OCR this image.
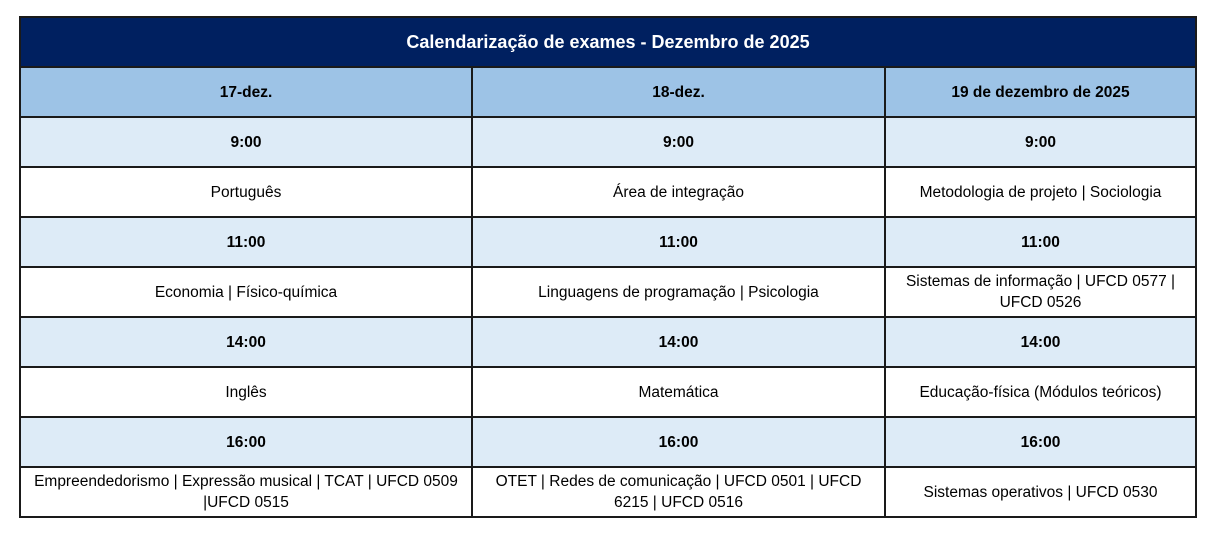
Calendarização de exames - Dezembro de 2025		
17-dez.	18-dez.	19 de dezembro de 2025
9:00	9:00	9:00
Português	Área de integração	Metodologia de projeto | Sociologia
11:00	11:00	11:00
Economia | Físico-química	Linguagens de programação | Psicologia	Sistemas de informação | UFCD 0577 | UFCD 0526
14:00	14:00	14:00
Inglês	Matemática	Educação-física (Módulos teóricos)
16:00	16:00	16:00
Empreendedorismo | Expressão musical | TCAT | UFCD 0509 |UFCD 0515	OTET | Redes de comunicação | UFCD 0501 | UFCD 6215 | UFCD 0516	Sistemas operativos | UFCD 0530
